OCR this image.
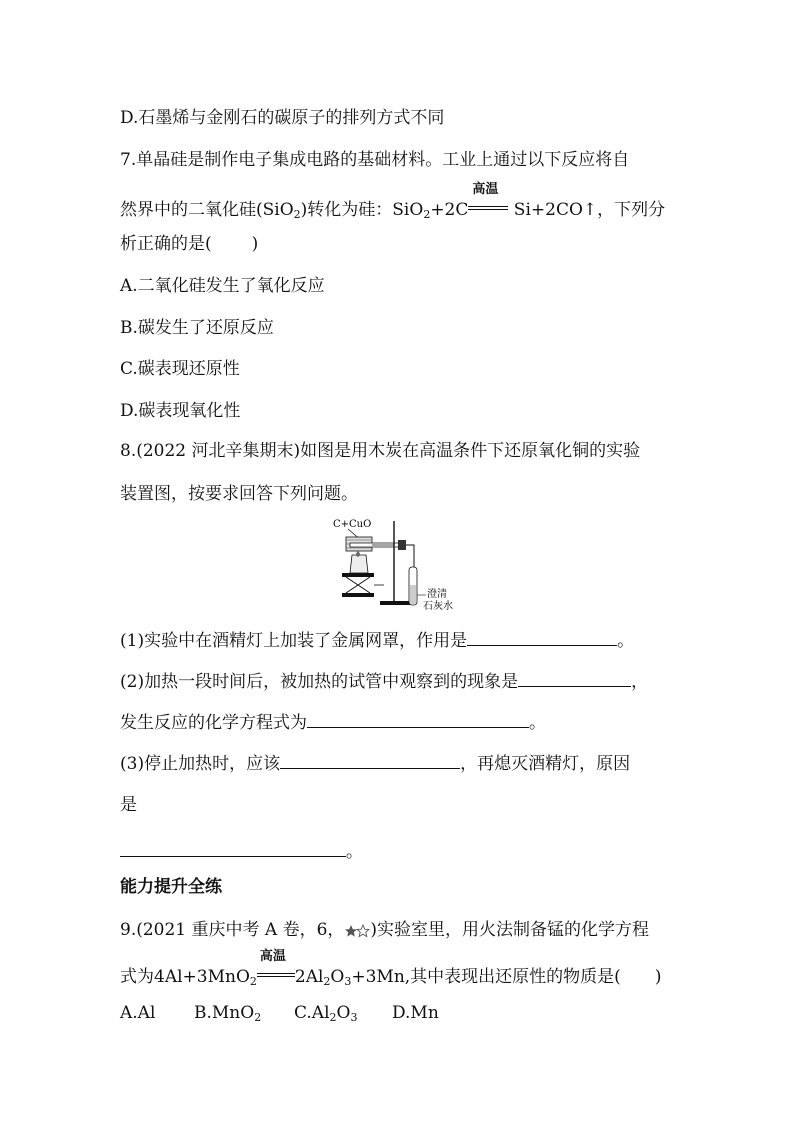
D.石墨烯与金刚石的碳原子的排列方式不同
7.单晶硅是制作电子集成电路的基础材料。工业上通过以下反应将自
然界中的二氧化硅(SiO$_2$)转化为硅：SiO$_2$+2C
高温
Si+2CO↑，下列分
析正确的是( )
A.二氧化硅发生了氧化反应
B.碳发生了还原反应
C.碳表现还原性
D.碳表现氧化性
8.(2022 河北辛集期末)如图是用木炭在高温条件下还原氧化铜的实验
装置图，按要求回答下列问题。
C+CuO
澄清
石灰水
(1)实验中在酒精灯上加装了金属网罩，作用是	。
(2)加热一段时间后，被加热的试管中观察到的现象是	，
发生反应的化学方程式为	。
(3)停止加热时，应该	，再熄灭酒精灯，原因
是
。
能力提升全练
9.(2021 重庆中考 A 卷，6， )实验室里，用火法制备锰的化学方程
式为4Al+3MnO$_2$
高温
$2Al_2O_3+3Mn$,其中表现出还原性的物质是( )
A.Al B.MnO$_2$ $C.Al_2O_3$ D.Mn
